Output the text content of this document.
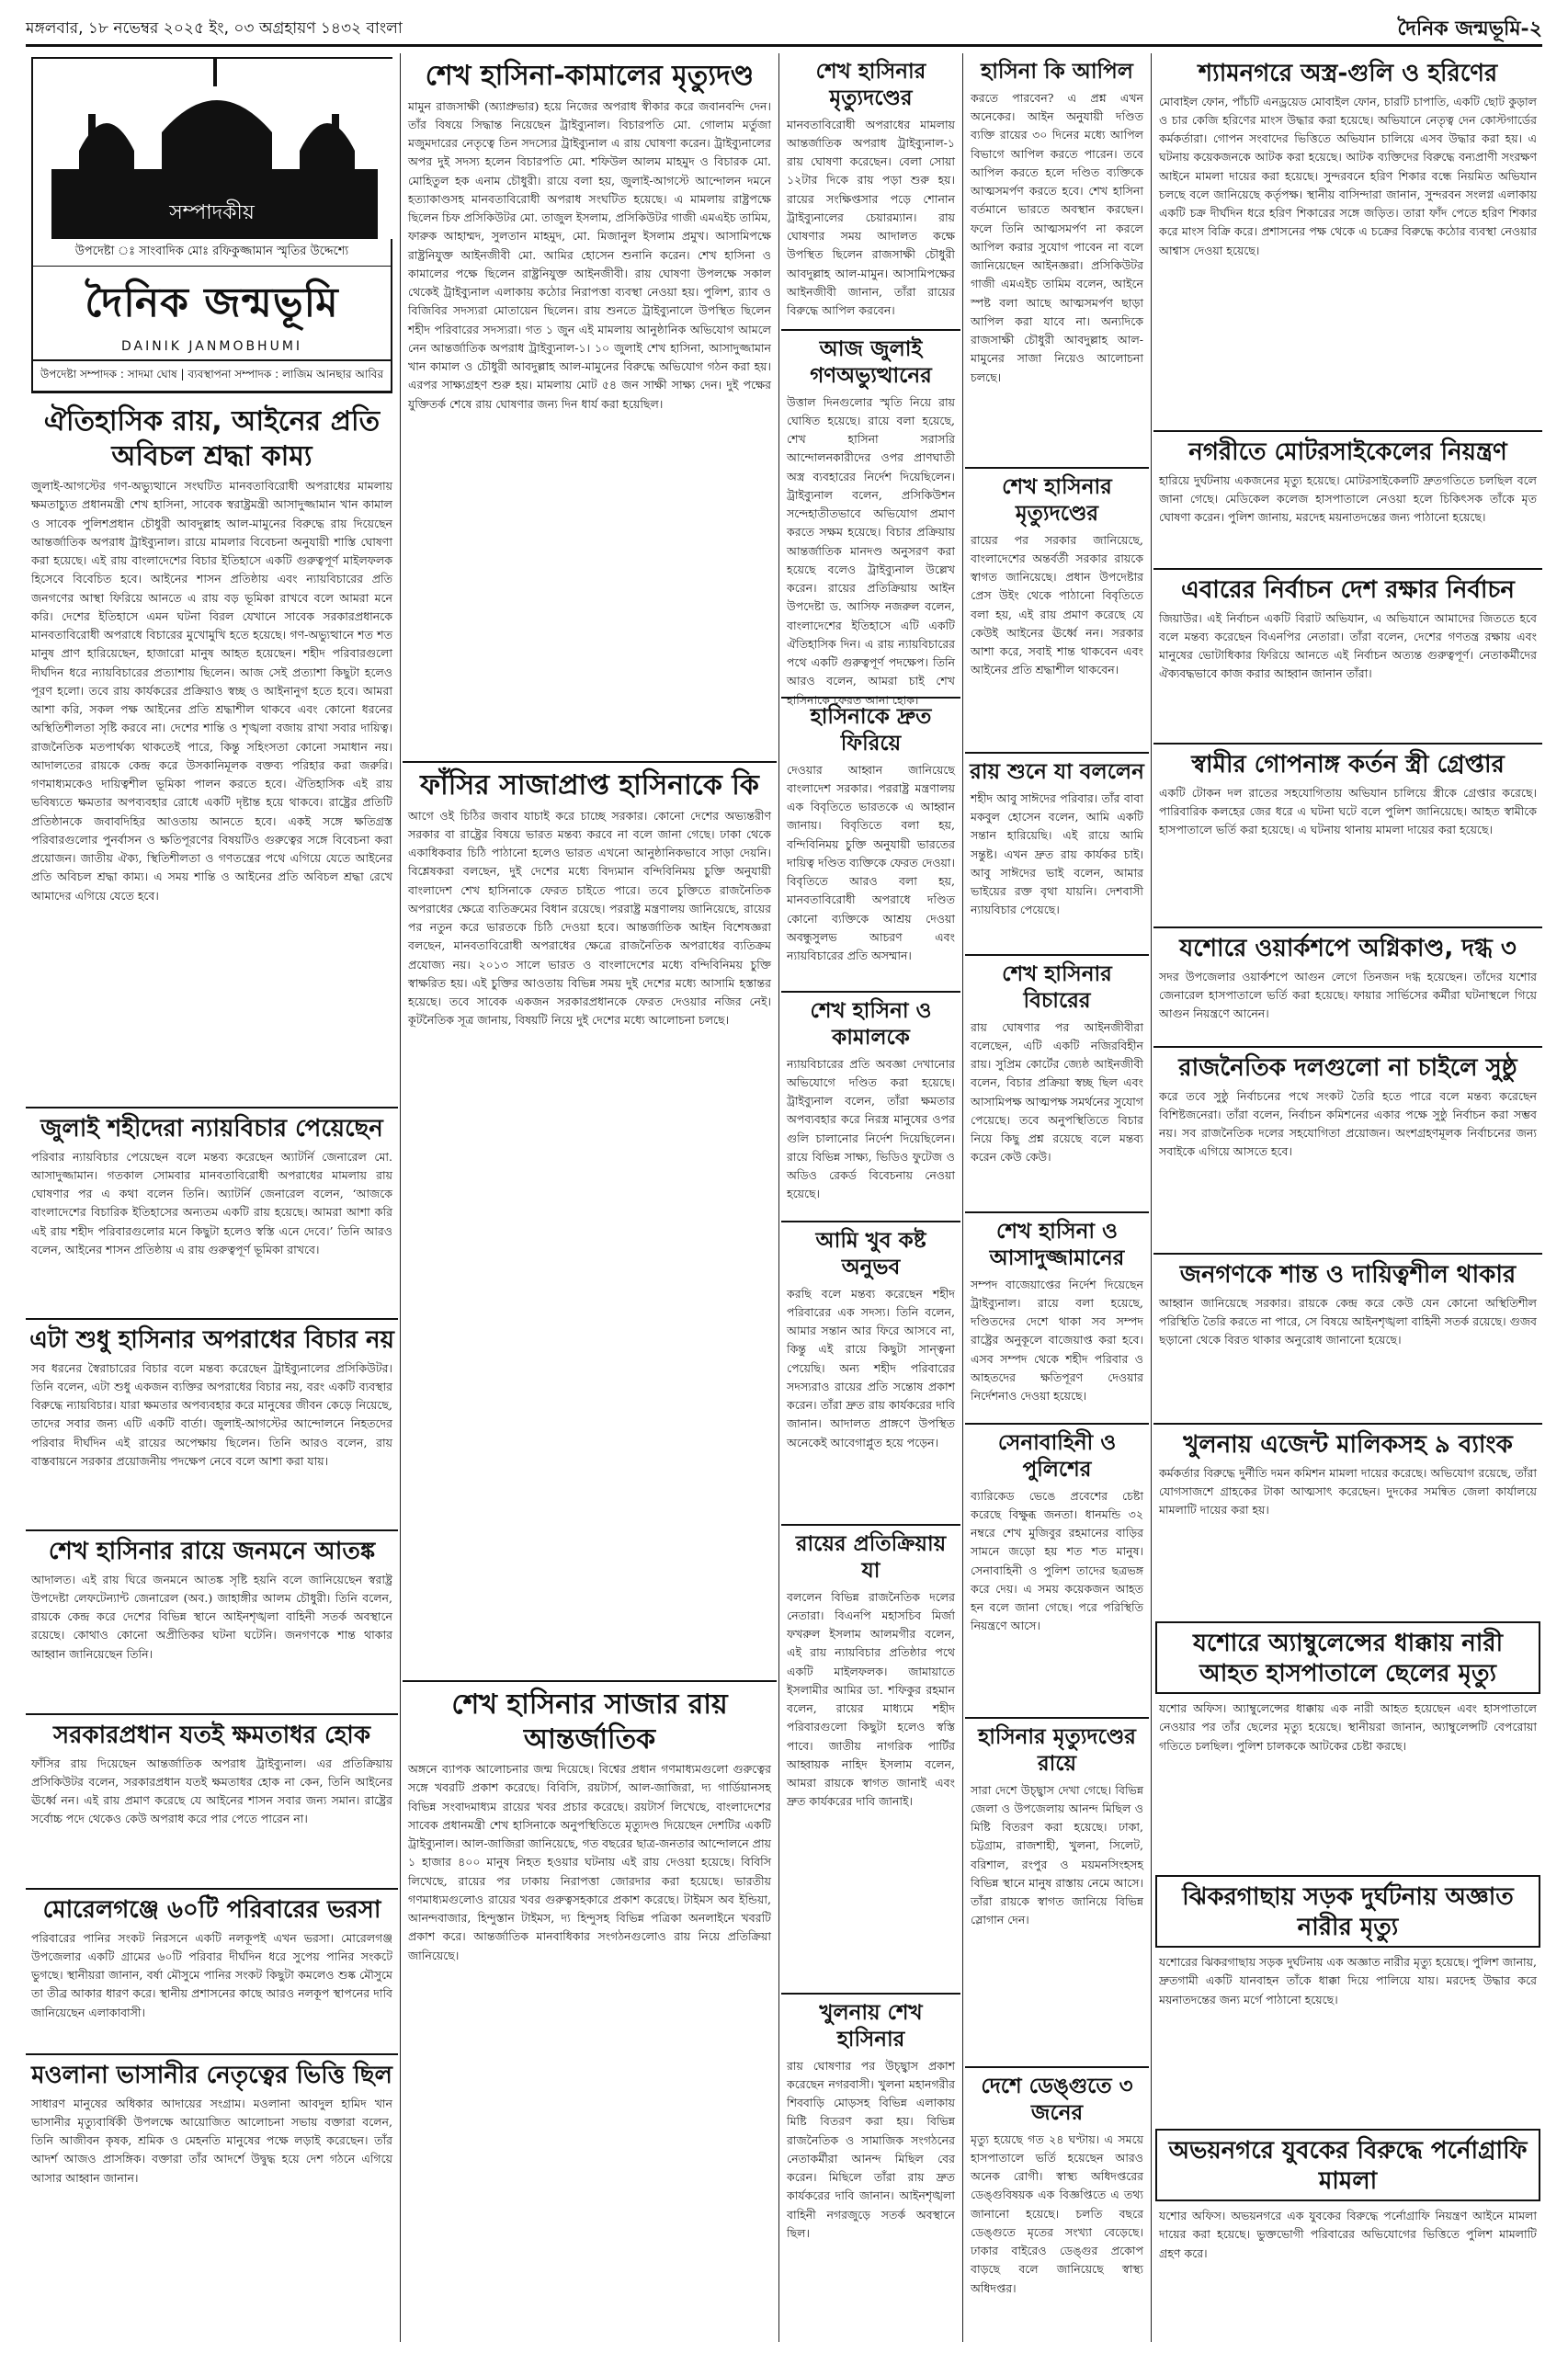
মঙ্গলবার, ১৮ নভেম্বর ২০২৫ ইং, ০৩ অগ্রহায়ণ ১৪৩২ বাংলা	দৈনিক জন্মভূমি-২
সম্পাদকীয়
উপদেষ্টা ঃ সাংবাদিক মোঃ রফিকুজ্জামান স্মৃতির উদ্দেশ্যে
দৈনিক জন্মভূমি
DAINIK JANMOBHUMI
উপদেষ্টা সম্পাদক : সাদমা ঘোষ | ব্যবস্থাপনা সম্পাদক : লাজিম আনছার আবির
ঐতিহাসিক রায়, আইনের প্রতি অবিচল শ্রদ্ধা কাম্য

জুলাই-আগস্টের গণ-অভ্যুত্থানে সংঘটিত মানবতাবিরোধী অপরাধের মামলায় ক্ষমতাচ্যুত প্রধানমন্ত্রী শেখ হাসিনা, সাবেক স্বরাষ্ট্রমন্ত্রী আসাদুজ্জামান খান কামাল ও সাবেক পুলিশপ্রধান চৌধুরী আবদুল্লাহ আল-মামুনের বিরুদ্ধে রায় দিয়েছেন আন্তর্জাতিক অপরাধ ট্রাইব্যুনাল। রায়ে মামলার বিবেচনা অনুযায়ী শাস্তি ঘোষণা করা হয়েছে। এই রায় বাংলাদেশের বিচার ইতিহাসে একটি গুরুত্বপূর্ণ মাইলফলক হিসেবে বিবেচিত হবে। আইনের শাসন প্রতিষ্ঠায় এবং ন্যায়বিচারের প্রতি জনগণের আস্থা ফিরিয়ে আনতে এ রায় বড় ভূমিকা রাখবে বলে আমরা মনে করি। দেশের ইতিহাসে এমন ঘটনা বিরল যেখানে সাবেক সরকারপ্রধানকে মানবতাবিরোধী অপরাধে বিচারের মুখোমুখি হতে হয়েছে। গণ-অভ্যুত্থানে শত শত মানুষ প্রাণ হারিয়েছেন, হাজারো মানুষ আহত হয়েছেন। শহীদ পরিবারগুলো দীর্ঘদিন ধরে ন্যায়বিচারের প্রত্যাশায় ছিলেন। আজ সেই প্রত্যাশা কিছুটা হলেও পূরণ হলো। তবে রায় কার্যকরের প্রক্রিয়াও স্বচ্ছ ও আইনানুগ হতে হবে। আমরা আশা করি, সকল পক্ষ আইনের প্রতি শ্রদ্ধাশীল থাকবে এবং কোনো ধরনের অস্থিতিশীলতা সৃষ্টি করবে না। দেশের শান্তি ও শৃঙ্খলা বজায় রাখা সবার দায়িত্ব। রাজনৈতিক মতপার্থক্য থাকতেই পারে, কিন্তু সহিংসতা কোনো সমাধান নয়। আদালতের রায়কে কেন্দ্র করে উসকানিমূলক বক্তব্য পরিহার করা জরুরি। গণমাধ্যমকেও দায়িত্বশীল ভূমিকা পালন করতে হবে। ঐতিহাসিক এই রায় ভবিষ্যতে ক্ষমতার অপব্যবহার রোধে একটি দৃষ্টান্ত হয়ে থাকবে। রাষ্ট্রের প্রতিটি প্রতিষ্ঠানকে জবাবদিহির আওতায় আনতে হবে। একই সঙ্গে ক্ষতিগ্রস্ত পরিবারগুলোর পুনর্বাসন ও ক্ষতিপূরণের বিষয়টিও গুরুত্বের সঙ্গে বিবেচনা করা প্রয়োজন। জাতীয় ঐক্য, স্থিতিশীলতা ও গণতন্ত্রের পথে এগিয়ে যেতে আইনের প্রতি অবিচল শ্রদ্ধা কাম্য। এ সময় শান্তি ও আইনের প্রতি অবিচল শ্রদ্ধা রেখে আমাদের এগিয়ে যেতে হবে।

জুলাই শহীদেরা ন্যায়বিচার পেয়েছেন

পরিবার ন্যায়বিচার পেয়েছেন বলে মন্তব্য করেছেন অ্যাটর্নি জেনারেল মো. আসাদুজ্জামান। গতকাল সোমবার মানবতাবিরোধী অপরাধের মামলায় রায় ঘোষণার পর এ কথা বলেন তিনি। অ্যাটর্নি জেনারেল বলেন, ‘আজকে বাংলাদেশের বিচারিক ইতিহাসের অন্যতম একটি রায় হয়েছে। আমরা আশা করি এই রায় শহীদ পরিবারগুলোর মনে কিছুটা হলেও স্বস্তি এনে দেবে।’ তিনি আরও বলেন, আইনের শাসন প্রতিষ্ঠায় এ রায় গুরুত্বপূর্ণ ভূমিকা রাখবে।

এটা শুধু হাসিনার অপরাধের বিচার নয়

সব ধরনের স্বৈরাচারের বিচার বলে মন্তব্য করেছেন ট্রাইব্যুনালের প্রসিকিউটর। তিনি বলেন, এটা শুধু একজন ব্যক্তির অপরাধের বিচার নয়, বরং একটি ব্যবস্থার বিরুদ্ধে ন্যায়বিচার। যারা ক্ষমতার অপব্যবহার করে মানুষের জীবন কেড়ে নিয়েছে, তাদের সবার জন্য এটি একটি বার্তা। জুলাই-আগস্টের আন্দোলনে নিহতদের পরিবার দীর্ঘদিন এই রায়ের অপেক্ষায় ছিলেন। তিনি আরও বলেন, রায় বাস্তবায়নে সরকার প্রয়োজনীয় পদক্ষেপ নেবে বলে আশা করা যায়।

শেখ হাসিনার রায়ে জনমনে আতঙ্ক

আদালত। এই রায় ঘিরে জনমনে আতঙ্ক সৃষ্টি হয়নি বলে জানিয়েছেন স্বরাষ্ট্র উপদেষ্টা লেফটেন্যান্ট জেনারেল (অব.) জাহাঙ্গীর আলম চৌধুরী। তিনি বলেন, রায়কে কেন্দ্র করে দেশের বিভিন্ন স্থানে আইনশৃঙ্খলা বাহিনী সতর্ক অবস্থানে রয়েছে। কোথাও কোনো অপ্রীতিকর ঘটনা ঘটেনি। জনগণকে শান্ত থাকার আহ্বান জানিয়েছেন তিনি।

সরকারপ্রধান যতই ক্ষমতাধর হোক

ফাঁসির রায় দিয়েছেন আন্তর্জাতিক অপরাধ ট্রাইব্যুনাল। এর প্রতিক্রিয়ায় প্রসিকিউটর বলেন, সরকারপ্রধান যতই ক্ষমতাধর হোক না কেন, তিনি আইনের ঊর্ধ্বে নন। এই রায় প্রমাণ করেছে যে আইনের শাসন সবার জন্য সমান। রাষ্ট্রের সর্বোচ্চ পদে থেকেও কেউ অপরাধ করে পার পেতে পারেন না।

মোরেলগঞ্জে ৬০টি পরিবারের ভরসা

পরিবারের পানির সংকট নিরসনে একটি নলকূপই এখন ভরসা। মোরেলগঞ্জ উপজেলার একটি গ্রামের ৬০টি পরিবার দীর্ঘদিন ধরে সুপেয় পানির সংকটে ভুগছে। স্থানীয়রা জানান, বর্ষা মৌসুমে পানির সংকট কিছুটা কমলেও শুষ্ক মৌসুমে তা তীব্র আকার ধারণ করে। স্থানীয় প্রশাসনের কাছে আরও নলকূপ স্থাপনের দাবি জানিয়েছেন এলাকাবাসী।

মওলানা ভাসানীর নেতৃত্বের ভিত্তি ছিল

সাধারণ মানুষের অধিকার আদায়ের সংগ্রাম। মওলানা আবদুল হামিদ খান ভাসানীর মৃত্যুবার্ষিকী উপলক্ষে আয়োজিত আলোচনা সভায় বক্তারা বলেন, তিনি আজীবন কৃষক, শ্রমিক ও মেহনতি মানুষের পক্ষে লড়াই করেছেন। তাঁর আদর্শ আজও প্রাসঙ্গিক। বক্তারা তাঁর আদর্শে উদ্বুদ্ধ হয়ে দেশ গঠনে এগিয়ে আসার আহ্বান জানান।

শেখ হাসিনা-কামালের মৃত্যুদণ্ড

মামুন রাজসাক্ষী (অ্যাপ্রুভার) হয়ে নিজের অপরাধ স্বীকার করে জবানবন্দি দেন। তাঁর বিষয়ে সিদ্ধান্ত নিয়েছেন ট্রাইব্যুনাল। বিচারপতি মো. গোলাম মর্তুজা মজুমদারের নেতৃত্বে তিন সদস্যের ট্রাইব্যুনাল এ রায় ঘোষণা করেন। ট্রাইব্যুনালের অপর দুই সদস্য হলেন বিচারপতি মো. শফিউল আলম মাহমুদ ও বিচারক মো. মোহিতুল হক এনাম চৌধুরী। রায়ে বলা হয়, জুলাই-আগস্টে আন্দোলন দমনে হত্যাকাণ্ডসহ মানবতাবিরোধী অপরাধ সংঘটিত হয়েছে। এ মামলায় রাষ্ট্রপক্ষে ছিলেন চিফ প্রসিকিউটর মো. তাজুল ইসলাম, প্রসিকিউটর গাজী এমএইচ তামিম, ফারুক আহাম্মদ, সুলতান মাহমুদ, মো. মিজানুল ইসলাম প্রমুখ। আসামিপক্ষে রাষ্ট্রনিযুক্ত আইনজীবী মো. আমির হোসেন শুনানি করেন। শেখ হাসিনা ও কামালের পক্ষে ছিলেন রাষ্ট্রনিযুক্ত আইনজীবী। রায় ঘোষণা উপলক্ষে সকাল থেকেই ট্রাইব্যুনাল এলাকায় কঠোর নিরাপত্তা ব্যবস্থা নেওয়া হয়। পুলিশ, র‍্যাব ও বিজিবির সদস্যরা মোতায়েন ছিলেন। রায় শুনতে ট্রাইব্যুনালে উপস্থিত ছিলেন শহীদ পরিবারের সদস্যরা। গত ১ জুন এই মামলায় আনুষ্ঠানিক অভিযোগ আমলে নেন আন্তর্জাতিক অপরাধ ট্রাইব্যুনাল-১। ১০ জুলাই শেখ হাসিনা, আসাদুজ্জামান খান কামাল ও চৌধুরী আবদুল্লাহ আল-মামুনের বিরুদ্ধে অভিযোগ গঠন করা হয়। এরপর সাক্ষ্যগ্রহণ শুরু হয়। মামলায় মোট ৫৪ জন সাক্ষী সাক্ষ্য দেন। দুই পক্ষের যুক্তিতর্ক শেষে রায় ঘোষণার জন্য দিন ধার্য করা হয়েছিল।

ফাঁসির সাজাপ্রাপ্ত হাসিনাকে কি

আগে ওই চিঠির জবাব যাচাই করে চাচ্ছে সরকার। কোনো দেশের অভ্যন্তরীণ সরকার বা রাষ্ট্রের বিষয়ে ভারত মন্তব্য করবে না বলে জানা গেছে। ঢাকা থেকে একাধিকবার চিঠি পাঠানো হলেও ভারত এখনো আনুষ্ঠানিকভাবে সাড়া দেয়নি। বিশ্লেষকরা বলছেন, দুই দেশের মধ্যে বিদ্যমান বন্দিবিনিময় চুক্তি অনুযায়ী বাংলাদেশ শেখ হাসিনাকে ফেরত চাইতে পারে। তবে চুক্তিতে রাজনৈতিক অপরাধের ক্ষেত্রে ব্যতিক্রমের বিধান রয়েছে। পররাষ্ট্র মন্ত্রণালয় জানিয়েছে, রায়ের পর নতুন করে ভারতকে চিঠি দেওয়া হবে। আন্তর্জাতিক আইন বিশেষজ্ঞরা বলছেন, মানবতাবিরোধী অপরাধের ক্ষেত্রে রাজনৈতিক অপরাধের ব্যতিক্রম প্রযোজ্য নয়। ২০১৩ সালে ভারত ও বাংলাদেশের মধ্যে বন্দিবিনিময় চুক্তি স্বাক্ষরিত হয়। এই চুক্তির আওতায় বিভিন্ন সময় দুই দেশের মধ্যে আসামি হস্তান্তর হয়েছে। তবে সাবেক একজন সরকারপ্রধানকে ফেরত দেওয়ার নজির নেই। কূটনৈতিক সূত্র জানায়, বিষয়টি নিয়ে দুই দেশের মধ্যে আলোচনা চলছে।

শেখ হাসিনার সাজার রায় আন্তর্জাতিক

অঙ্গনে ব্যাপক আলোচনার জন্ম দিয়েছে। বিশ্বের প্রধান গণমাধ্যমগুলো গুরুত্বের সঙ্গে খবরটি প্রকাশ করেছে। বিবিসি, রয়টার্স, আল-জাজিরা, দ্য গার্ডিয়ানসহ বিভিন্ন সংবাদমাধ্যম রায়ের খবর প্রচার করেছে। রয়টার্স লিখেছে, বাংলাদেশের সাবেক প্রধানমন্ত্রী শেখ হাসিনাকে অনুপস্থিতিতে মৃত্যুদণ্ড দিয়েছেন দেশটির একটি ট্রাইব্যুনাল। আল-জাজিরা জানিয়েছে, গত বছরের ছাত্র-জনতার আন্দোলনে প্রায় ১ হাজার ৪০০ মানুষ নিহত হওয়ার ঘটনায় এই রায় দেওয়া হয়েছে। বিবিসি লিখেছে, রায়ের পর ঢাকায় নিরাপত্তা জোরদার করা হয়েছে। ভারতীয় গণমাধ্যমগুলোও রায়ের খবর গুরুত্বসহকারে প্রকাশ করেছে। টাইমস অব ইন্ডিয়া, আনন্দবাজার, হিন্দুস্তান টাইমস, দ্য হিন্দুসহ বিভিন্ন পত্রিকা অনলাইনে খবরটি প্রকাশ করে। আন্তর্জাতিক মানবাধিকার সংগঠনগুলোও রায় নিয়ে প্রতিক্রিয়া জানিয়েছে।

শেখ হাসিনার মৃত্যুদণ্ডের

মানবতাবিরোধী অপরাধের মামলায় আন্তর্জাতিক অপরাধ ট্রাইব্যুনাল-১ রায় ঘোষণা করেছেন। বেলা সোয়া ১২টার দিকে রায় পড়া শুরু হয়। রায়ের সংক্ষিপ্তসার পড়ে শোনান ট্রাইব্যুনালের চেয়ারম্যান। রায় ঘোষণার সময় আদালত কক্ষে উপস্থিত ছিলেন রাজসাক্ষী চৌধুরী আবদুল্লাহ আল-মামুন। আসামিপক্ষের আইনজীবী জানান, তাঁরা রায়ের বিরুদ্ধে আপিল করবেন।

আজ জুলাই গণঅভ্যুত্থানের

উত্তাল দিনগুলোর স্মৃতি নিয়ে রায় ঘোষিত হয়েছে। রায়ে বলা হয়েছে, শেখ হাসিনা সরাসরি আন্দোলনকারীদের ওপর প্রাণঘাতী অস্ত্র ব্যবহারের নির্দেশ দিয়েছিলেন। ট্রাইব্যুনাল বলেন, প্রসিকিউশন সন্দেহাতীতভাবে অভিযোগ প্রমাণ করতে সক্ষম হয়েছে। বিচার প্রক্রিয়ায় আন্তর্জাতিক মানদণ্ড অনুসরণ করা হয়েছে বলেও ট্রাইব্যুনাল উল্লেখ করেন। রায়ের প্রতিক্রিয়ায় আইন উপদেষ্টা ড. আসিফ নজরুল বলেন, বাংলাদেশের ইতিহাসে এটি একটি ঐতিহাসিক দিন। এ রায় ন্যায়বিচারের পথে একটি গুরুত্বপূর্ণ পদক্ষেপ। তিনি আরও বলেন, আমরা চাই শেখ হাসিনাকে ফেরত আনা হোক।

হাসিনাকে দ্রুত ফিরিয়ে

দেওয়ার আহ্বান জানিয়েছে বাংলাদেশ সরকার। পররাষ্ট্র মন্ত্রণালয় এক বিবৃতিতে ভারতকে এ আহ্বান জানায়। বিবৃতিতে বলা হয়, বন্দিবিনিময় চুক্তি অনুযায়ী ভারতের দায়িত্ব দণ্ডিত ব্যক্তিকে ফেরত দেওয়া। বিবৃতিতে আরও বলা হয়, মানবতাবিরোধী অপরাধে দণ্ডিত কোনো ব্যক্তিকে আশ্রয় দেওয়া অবন্ধুসুলভ আচরণ এবং ন্যায়বিচারের প্রতি অসম্মান।

শেখ হাসিনা ও কামালকে

ন্যায়বিচারের প্রতি অবজ্ঞা দেখানোর অভিযোগে দণ্ডিত করা হয়েছে। ট্রাইব্যুনাল বলেন, তাঁরা ক্ষমতার অপব্যবহার করে নিরস্ত্র মানুষের ওপর গুলি চালানোর নির্দেশ দিয়েছিলেন। রায়ে বিভিন্ন সাক্ষ্য, ভিডিও ফুটেজ ও অডিও রেকর্ড বিবেচনায় নেওয়া হয়েছে।

আমি খুব কষ্ট অনুভব

করছি বলে মন্তব্য করেছেন শহীদ পরিবারের এক সদস্য। তিনি বলেন, আমার সন্তান আর ফিরে আসবে না, কিন্তু এই রায়ে কিছুটা সান্ত্বনা পেয়েছি। অন্য শহীদ পরিবারের সদস্যরাও রায়ের প্রতি সন্তোষ প্রকাশ করেন। তাঁরা দ্রুত রায় কার্যকরের দাবি জানান। আদালত প্রাঙ্গণে উপস্থিত অনেকেই আবেগাপ্লুত হয়ে পড়েন।

রায়ের প্রতিক্রিয়ায় যা

বললেন বিভিন্ন রাজনৈতিক দলের নেতারা। বিএনপি মহাসচিব মির্জা ফখরুল ইসলাম আলমগীর বলেন, এই রায় ন্যায়বিচার প্রতিষ্ঠার পথে একটি মাইলফলক। জামায়াতে ইসলামীর আমির ডা. শফিকুর রহমান বলেন, রায়ের মাধ্যমে শহীদ পরিবারগুলো কিছুটা হলেও স্বস্তি পাবে। জাতীয় নাগরিক পার্টির আহ্বায়ক নাহিদ ইসলাম বলেন, আমরা রায়কে স্বাগত জানাই এবং দ্রুত কার্যকরের দাবি জানাই।

খুলনায় শেখ হাসিনার

রায় ঘোষণার পর উচ্ছ্বাস প্রকাশ করেছেন নগরবাসী। খুলনা মহানগরীর শিববাড়ি মোড়সহ বিভিন্ন এলাকায় মিষ্টি বিতরণ করা হয়। বিভিন্ন রাজনৈতিক ও সামাজিক সংগঠনের নেতাকর্মীরা আনন্দ মিছিল বের করেন। মিছিলে তাঁরা রায় দ্রুত কার্যকরের দাবি জানান। আইনশৃঙ্খলা বাহিনী নগরজুড়ে সতর্ক অবস্থানে ছিল।

হাসিনা কি আপিল

করতে পারবেন? এ প্রশ্ন এখন অনেকের। আইন অনুযায়ী দণ্ডিত ব্যক্তি রায়ের ৩০ দিনের মধ্যে আপিল বিভাগে আপিল করতে পারেন। তবে আপিল করতে হলে দণ্ডিত ব্যক্তিকে আত্মসমর্পণ করতে হবে। শেখ হাসিনা বর্তমানে ভারতে অবস্থান করছেন। ফলে তিনি আত্মসমর্পণ না করলে আপিল করার সুযোগ পাবেন না বলে জানিয়েছেন আইনজ্ঞরা। প্রসিকিউটর গাজী এমএইচ তামিম বলেন, আইনে স্পষ্ট বলা আছে আত্মসমর্পণ ছাড়া আপিল করা যাবে না। অন্যদিকে রাজসাক্ষী চৌধুরী আবদুল্লাহ আল-মামুনের সাজা নিয়েও আলোচনা চলছে।

শেখ হাসিনার মৃত্যুদণ্ডের

রায়ের পর সরকার জানিয়েছে, বাংলাদেশের অন্তর্বর্তী সরকার রায়কে স্বাগত জানিয়েছে। প্রধান উপদেষ্টার প্রেস উইং থেকে পাঠানো বিবৃতিতে বলা হয়, এই রায় প্রমাণ করেছে যে কেউই আইনের ঊর্ধ্বে নন। সরকার আশা করে, সবাই শান্ত থাকবেন এবং আইনের প্রতি শ্রদ্ধাশীল থাকবেন।

রায় শুনে যা বললেন

শহীদ আবু সাঈদের পরিবার। তাঁর বাবা মকবুল হোসেন বলেন, আমি একটি সন্তান হারিয়েছি। এই রায়ে আমি সন্তুষ্ট। এখন দ্রুত রায় কার্যকর চাই। আবু সাঈদের ভাই বলেন, আমার ভাইয়ের রক্ত বৃথা যায়নি। দেশবাসী ন্যায়বিচার পেয়েছে।

শেখ হাসিনার বিচারের

রায় ঘোষণার পর আইনজীবীরা বলেছেন, এটি একটি নজিরবিহীন রায়। সুপ্রিম কোর্টের জ্যেষ্ঠ আইনজীবী বলেন, বিচার প্রক্রিয়া স্বচ্ছ ছিল এবং আসামিপক্ষ আত্মপক্ষ সমর্থনের সুযোগ পেয়েছে। তবে অনুপস্থিতিতে বিচার নিয়ে কিছু প্রশ্ন রয়েছে বলে মন্তব্য করেন কেউ কেউ।

শেখ হাসিনা ও আসাদুজ্জামানের

সম্পদ বাজেয়াপ্তের নির্দেশ দিয়েছেন ট্রাইব্যুনাল। রায়ে বলা হয়েছে, দণ্ডিতদের দেশে থাকা সব সম্পদ রাষ্ট্রের অনুকূলে বাজেয়াপ্ত করা হবে। এসব সম্পদ থেকে শহীদ পরিবার ও আহতদের ক্ষতিপূরণ দেওয়ার নির্দেশনাও দেওয়া হয়েছে।

সেনাবাহিনী ও পুলিশের

ব্যারিকেড ভেঙে প্রবেশের চেষ্টা করেছে বিক্ষুব্ধ জনতা। ধানমন্ডি ৩২ নম্বরে শেখ মুজিবুর রহমানের বাড়ির সামনে জড়ো হয় শত শত মানুষ। সেনাবাহিনী ও পুলিশ তাদের ছত্রভঙ্গ করে দেয়। এ সময় কয়েকজন আহত হন বলে জানা গেছে। পরে পরিস্থিতি নিয়ন্ত্রণে আসে।

হাসিনার মৃত্যুদণ্ডের রায়ে

সারা দেশে উচ্ছ্বাস দেখা গেছে। বিভিন্ন জেলা ও উপজেলায় আনন্দ মিছিল ও মিষ্টি বিতরণ করা হয়েছে। ঢাকা, চট্টগ্রাম, রাজশাহী, খুলনা, সিলেট, বরিশাল, রংপুর ও ময়মনসিংহসহ বিভিন্ন স্থানে মানুষ রাস্তায় নেমে আসে। তাঁরা রায়কে স্বাগত জানিয়ে বিভিন্ন স্লোগান দেন।

দেশে ডেঙ্গুতে ৩ জনের

মৃত্যু হয়েছে গত ২৪ ঘণ্টায়। এ সময়ে হাসপাতালে ভর্তি হয়েছেন আরও অনেক রোগী। স্বাস্থ্য অধিদপ্তরের ডেঙ্গুবিষয়ক এক বিজ্ঞপ্তিতে এ তথ্য জানানো হয়েছে। চলতি বছরে ডেঙ্গুতে মৃতের সংখ্যা বেড়েছে। ঢাকার বাইরেও ডেঙ্গুর প্রকোপ বাড়ছে বলে জানিয়েছে স্বাস্থ্য অধিদপ্তর।

শ্যামনগরে অস্ত্র-গুলি ও হরিণের

মোবাইল ফোন, পাঁচটি এনড্রয়েড মোবাইল ফোন, চারটি চাপাতি, একটি ছোট কুড়াল ও চার কেজি হরিণের মাংস উদ্ধার করা হয়েছে। অভিযানে নেতৃত্ব দেন কোস্টগার্ডের কর্মকর্তারা। গোপন সংবাদের ভিত্তিতে অভিযান চালিয়ে এসব উদ্ধার করা হয়। এ ঘটনায় কয়েকজনকে আটক করা হয়েছে। আটক ব্যক্তিদের বিরুদ্ধে বন্যপ্রাণী সংরক্ষণ আইনে মামলা দায়ের করা হয়েছে। সুন্দরবনে হরিণ শিকার বন্ধে নিয়মিত অভিযান চলছে বলে জানিয়েছে কর্তৃপক্ষ। স্থানীয় বাসিন্দারা জানান, সুন্দরবন সংলগ্ন এলাকায় একটি চক্র দীর্ঘদিন ধরে হরিণ শিকারের সঙ্গে জড়িত। তারা ফাঁদ পেতে হরিণ শিকার করে মাংস বিক্রি করে। প্রশাসনের পক্ষ থেকে এ চক্রের বিরুদ্ধে কঠোর ব্যবস্থা নেওয়ার আশ্বাস দেওয়া হয়েছে।

নগরীতে মোটরসাইকেলের নিয়ন্ত্রণ

হারিয়ে দুর্ঘটনায় একজনের মৃত্যু হয়েছে। মোটরসাইকেলটি দ্রুতগতিতে চলছিল বলে জানা গেছে। মেডিকেল কলেজ হাসপাতালে নেওয়া হলে চিকিৎসক তাঁকে মৃত ঘোষণা করেন। পুলিশ জানায়, মরদেহ ময়নাতদন্তের জন্য পাঠানো হয়েছে।

এবারের নির্বাচন দেশ রক্ষার নির্বাচন

জিয়াউর। এই নির্বাচন একটি বিরাট অভিযান, এ অভিযানে আমাদের জিততে হবে বলে মন্তব্য করেছেন বিএনপির নেতারা। তাঁরা বলেন, দেশের গণতন্ত্র রক্ষায় এবং মানুষের ভোটাধিকার ফিরিয়ে আনতে এই নির্বাচন অত্যন্ত গুরুত্বপূর্ণ। নেতাকর্মীদের ঐক্যবদ্ধভাবে কাজ করার আহ্বান জানান তাঁরা।

স্বামীর গোপনাঙ্গ কর্তন স্ত্রী গ্রেপ্তার

একটি টোকন দল রাতের সহযোগিতায় অভিযান চালিয়ে স্ত্রীকে গ্রেপ্তার করেছে। পারিবারিক কলহের জের ধরে এ ঘটনা ঘটে বলে পুলিশ জানিয়েছে। আহত স্বামীকে হাসপাতালে ভর্তি করা হয়েছে। এ ঘটনায় থানায় মামলা দায়ের করা হয়েছে।

যশোরে ওয়ার্কশপে অগ্নিকাণ্ড, দগ্ধ ৩

সদর উপজেলার ওয়ার্কশপে আগুন লেগে তিনজন দগ্ধ হয়েছেন। তাঁদের যশোর জেনারেল হাসপাতালে ভর্তি করা হয়েছে। ফায়ার সার্ভিসের কর্মীরা ঘটনাস্থলে গিয়ে আগুন নিয়ন্ত্রণে আনেন।

রাজনৈতিক দলগুলো না চাইলে সুষ্ঠু

করে তবে সুষ্ঠু নির্বাচনের পথে সংকট তৈরি হতে পারে বলে মন্তব্য করেছেন বিশিষ্টজনেরা। তাঁরা বলেন, নির্বাচন কমিশনের একার পক্ষে সুষ্ঠু নির্বাচন করা সম্ভব নয়। সব রাজনৈতিক দলের সহযোগিতা প্রয়োজন। অংশগ্রহণমূলক নির্বাচনের জন্য সবাইকে এগিয়ে আসতে হবে।

জনগণকে শান্ত ও দায়িত্বশীল থাকার

আহ্বান জানিয়েছে সরকার। রায়কে কেন্দ্র করে কেউ যেন কোনো অস্থিতিশীল পরিস্থিতি তৈরি করতে না পারে, সে বিষয়ে আইনশৃঙ্খলা বাহিনী সতর্ক রয়েছে। গুজব ছড়ানো থেকে বিরত থাকার অনুরোধ জানানো হয়েছে।

খুলনায় এজেন্ট মালিকসহ ৯ ব্যাংক

কর্মকর্তার বিরুদ্ধে দুর্নীতি দমন কমিশন মামলা দায়ের করেছে। অভিযোগ রয়েছে, তাঁরা যোগসাজশে গ্রাহকের টাকা আত্মসাৎ করেছেন। দুদকের সমন্বিত জেলা কার্যালয়ে মামলাটি দায়ের করা হয়।

যশোরে অ্যাম্বুলেন্সের ধাক্কায় নারী আহত হাসপাতালে ছেলের মৃত্যু

যশোর অফিস। অ্যাম্বুলেন্সের ধাক্কায় এক নারী আহত হয়েছেন এবং হাসপাতালে নেওয়ার পর তাঁর ছেলের মৃত্যু হয়েছে। স্থানীয়রা জানান, অ্যাম্বুলেন্সটি বেপরোয়া গতিতে চলছিল। পুলিশ চালককে আটকের চেষ্টা করছে।

ঝিকরগাছায় সড়ক দুর্ঘটনায় অজ্ঞাত নারীর মৃত্যু

যশোরের ঝিকরগাছায় সড়ক দুর্ঘটনায় এক অজ্ঞাত নারীর মৃত্যু হয়েছে। পুলিশ জানায়, দ্রুতগামী একটি যানবাহন তাঁকে ধাক্কা দিয়ে পালিয়ে যায়। মরদেহ উদ্ধার করে ময়নাতদন্তের জন্য মর্গে পাঠানো হয়েছে।

অভয়নগরে যুবকের বিরুদ্ধে পর্নোগ্রাফি মামলা

যশোর অফিস। অভয়নগরে এক যুবকের বিরুদ্ধে পর্নোগ্রাফি নিয়ন্ত্রণ আইনে মামলা দায়ের করা হয়েছে। ভুক্তভোগী পরিবারের অভিযোগের ভিত্তিতে পুলিশ মামলাটি গ্রহণ করে।
